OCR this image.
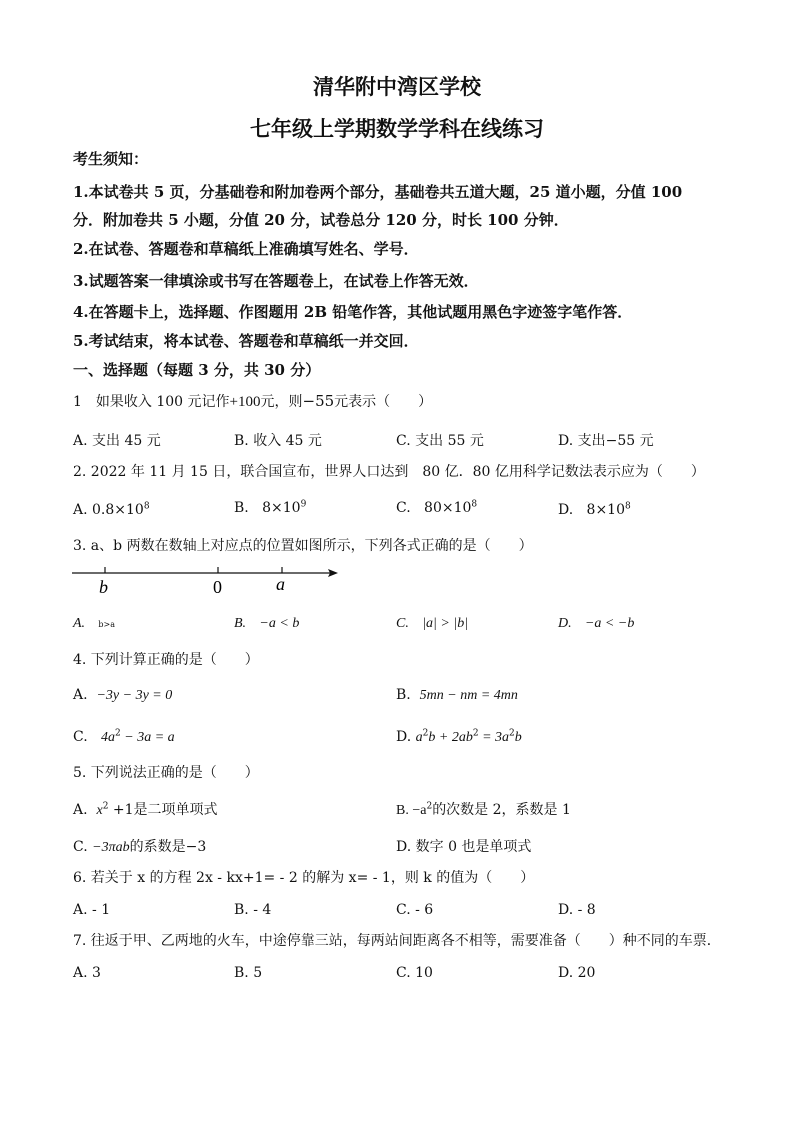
清华附中湾区学校
七年级上学期数学学科在线练习
考生须知：
1.本试卷共 5 页，分基础卷和附加卷两个部分，基础卷共五道大题，25 道小题，分值 100
分．附加卷共 5 小题，分值 20 分，试卷总分 120 分，时长 100 分钟．
2.在试卷、答题卷和草稿纸上准确填写姓名、学号．
3.试题答案一律填涂或书写在答题卷上，在试卷上作答无效．
4.在答题卡上，选择题、作图题用 2B 铅笔作答，其他试题用黑色字迹签字笔作答．
5.考试结束，将本试卷、答题卷和草稿纸一并交回．
一、选择题（每题 3 分，共 30 分）
1　如果收入 100 元记作+100元，则−55元表示（　　）
A. 支出 45 元	B. 收入 45 元	C. 支出 55 元	D. 支出−55 元
2. 2022 年 11 月 15 日，联合国宣布，世界人口达到　80 亿．80 亿用科学记数法表示应为（　　）
A. $0.8\times 10^8$	B. $8\times 10^9$	C. $80\times 10^8$	D. $8\times 10^8$
3. a、b 两数在数轴上对应点的位置如图所示，下列各式正确的是（　　）
b	0	a
A. b>a	B. −a < b	C. |a| > |b|	D. −a < −b
4. 下列计算正确的是（　　）
A. −3y − 3y = 0	B. 5mn − nm = 4mn
C. $4a^2 - 3a = a$	D. $a^2b + 2ab^2 = 3a^2b$
5. 下列说法正确的是（　　）
A. $x^2 +1$是二项单项式	B. $-a^2$的次数是 2，系数是 1
C. −3πab的系数是−3	D. 数字 0 也是单项式
6. 若关于 x 的方程 2x - kx+1= - 2 的解为 x= - 1，则 k 的值为（　　）
A. - 1	B. - 4	C. - 6	D. - 8
7. 往返于甲、乙两地的火车，中途停靠三站，每两站间距离各不相等，需要准备（　　）种不同的车票．
A. 3	B. 5	C. 10	D. 20
